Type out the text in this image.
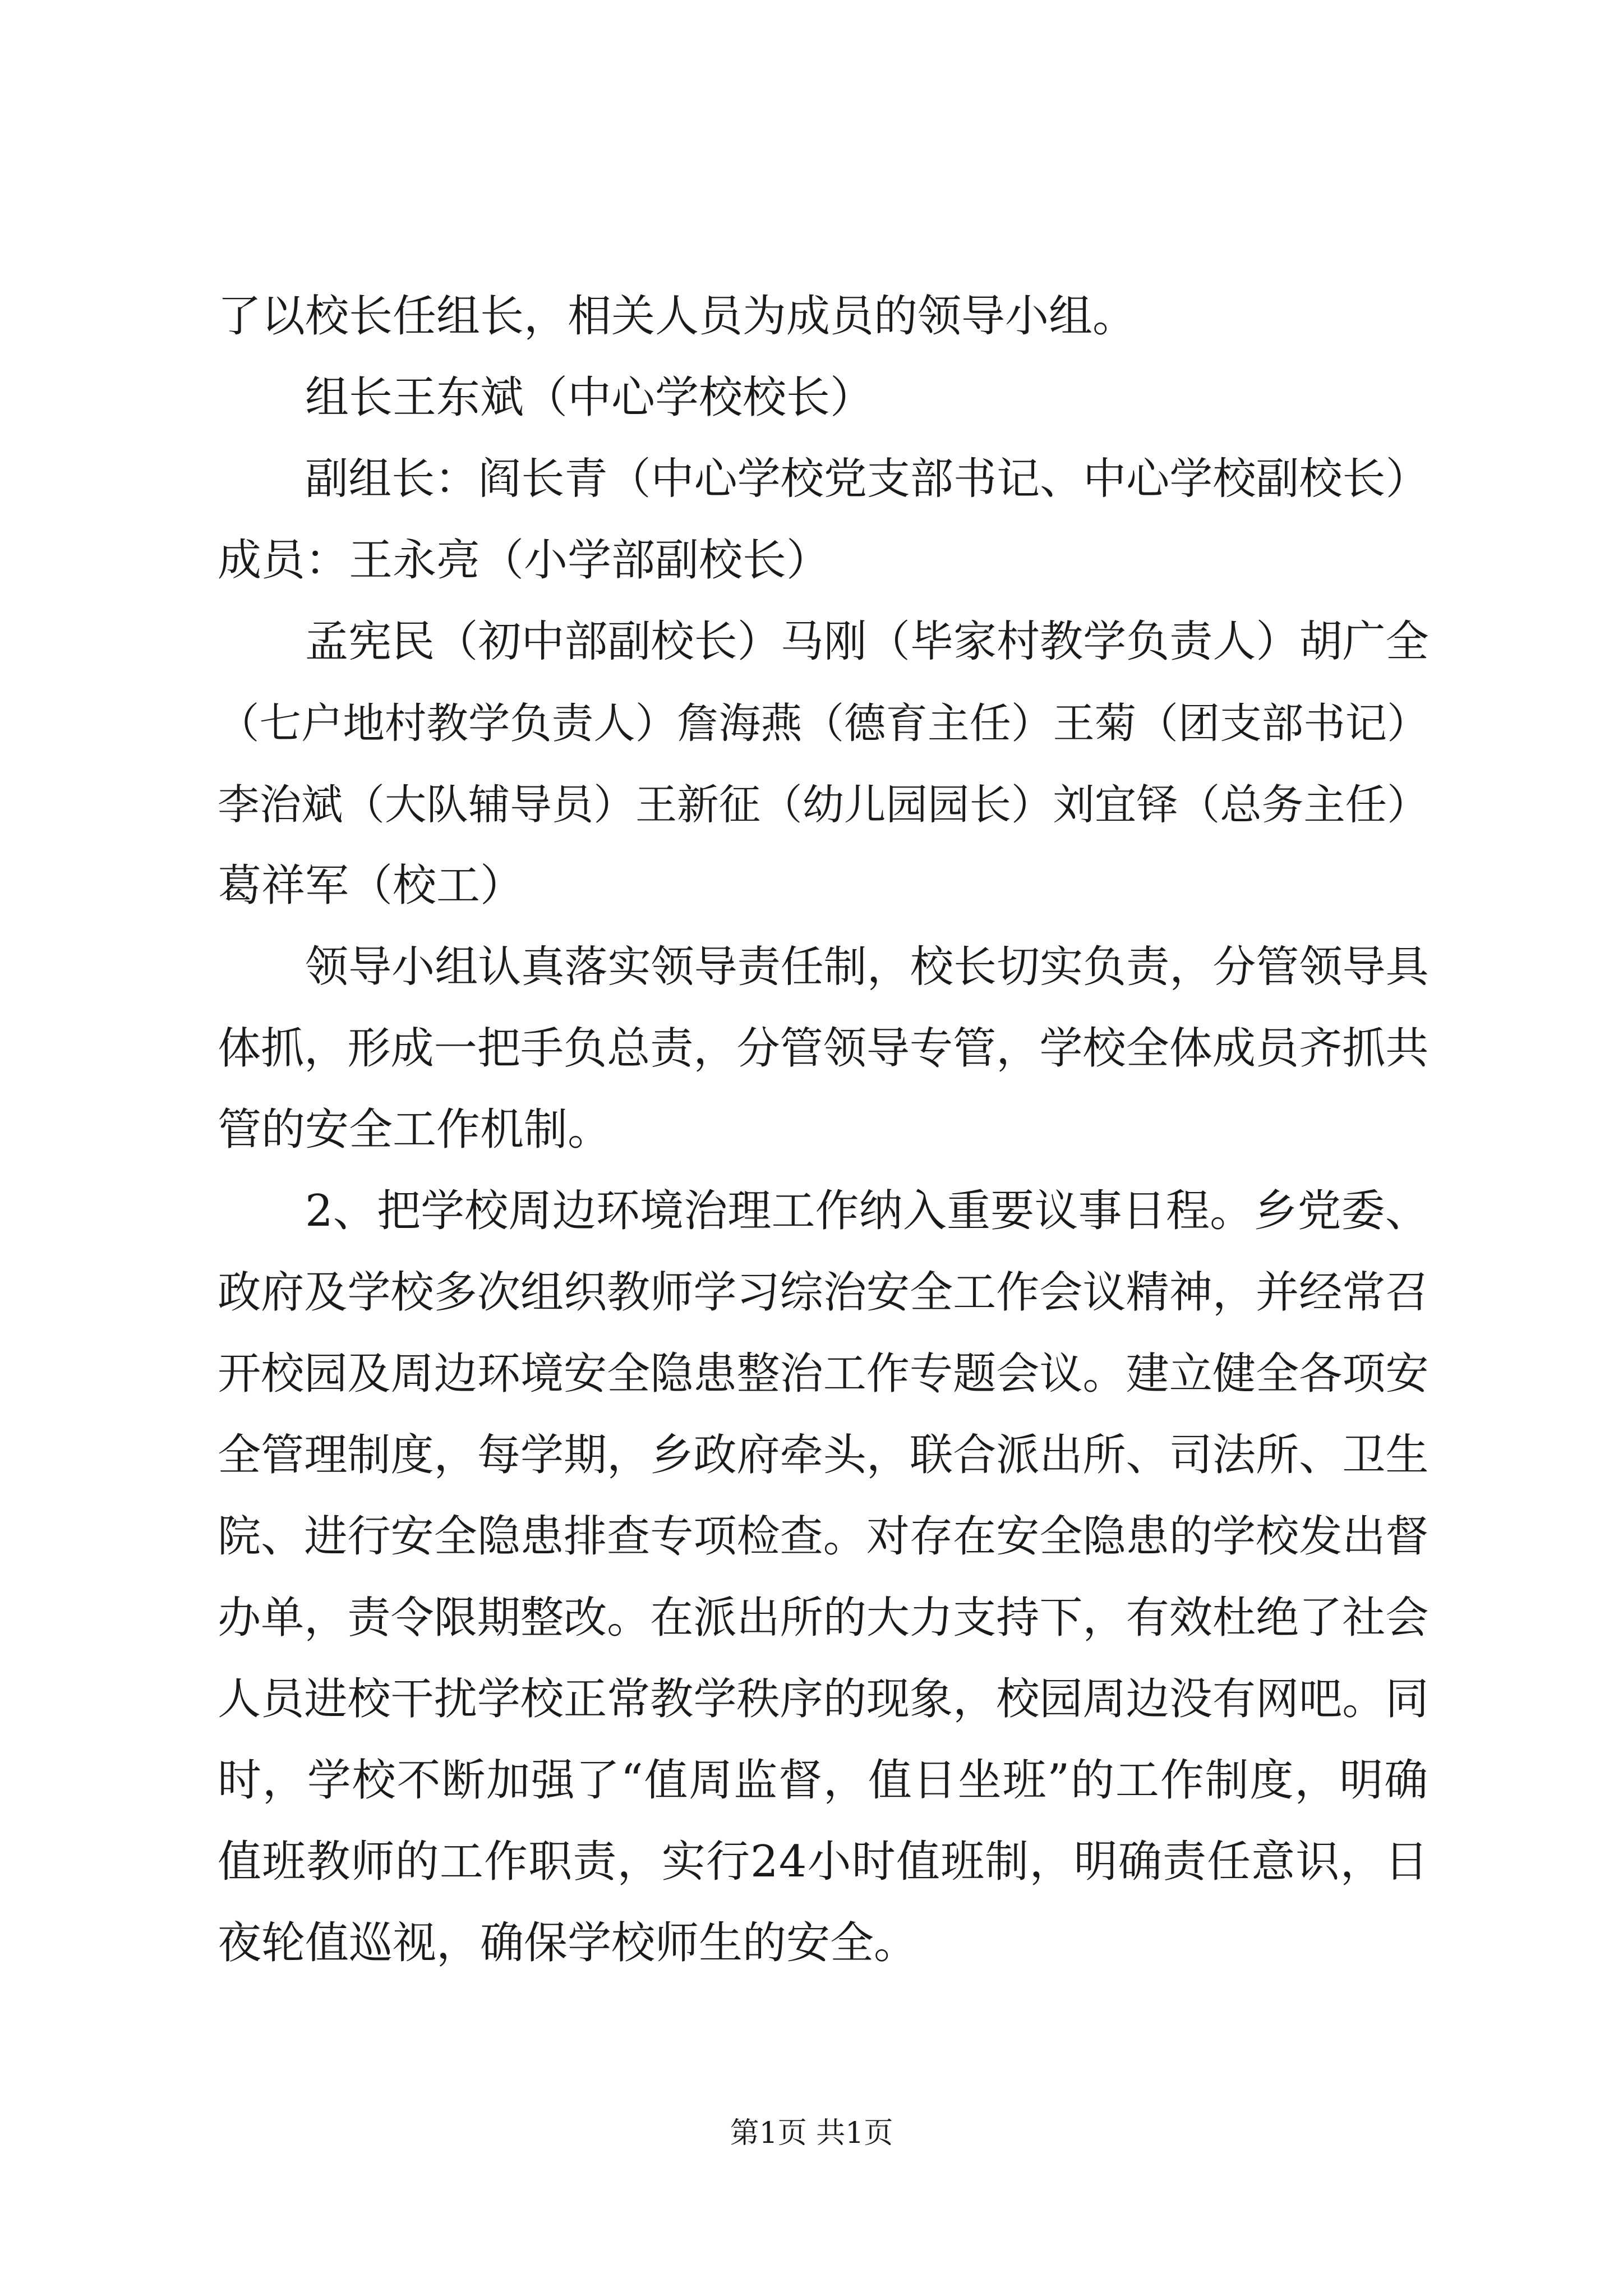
了以校长任组长，相关人员为成员的领导小组。
组长王东斌（中心学校校长）
副组长：阎长青（中心学校党支部书记、中心学校副校长）
成员：王永亮（小学部副校长）
孟宪民（初中部副校长）马刚（毕家村教学负责人）胡广全
（七户地村教学负责人）詹海燕（德育主任）王菊（团支部书记）
李治斌（大队辅导员）王新征（幼儿园园长）刘宜铎（总务主任）
葛祥军（校工）
领导小组认真落实领导责任制，校长切实负责，分管领导具
体抓，形成一把手负总责，分管领导专管，学校全体成员齐抓共
管的安全工作机制。
2、把学校周边环境治理工作纳入重要议事日程。乡党委、
政府及学校多次组织教师学习综治安全工作会议精神，并经常召
开校园及周边环境安全隐患整治工作专题会议。建立健全各项安
全管理制度，每学期，乡政府牵头，联合派出所、司法所、卫生
院、进行安全隐患排查专项检查。对存在安全隐患的学校发出督
办单，责令限期整改。在派出所的大力支持下，有效杜绝了社会
人员进校干扰学校正常教学秩序的现象，校园周边没有网吧。同
时，学校不断加强了“值周监督，值日坐班”的工作制度，明确
值班教师的工作职责，实行24小时值班制，明确责任意识，日
夜轮值巡视，确保学校师生的安全。
第1页 共1页
